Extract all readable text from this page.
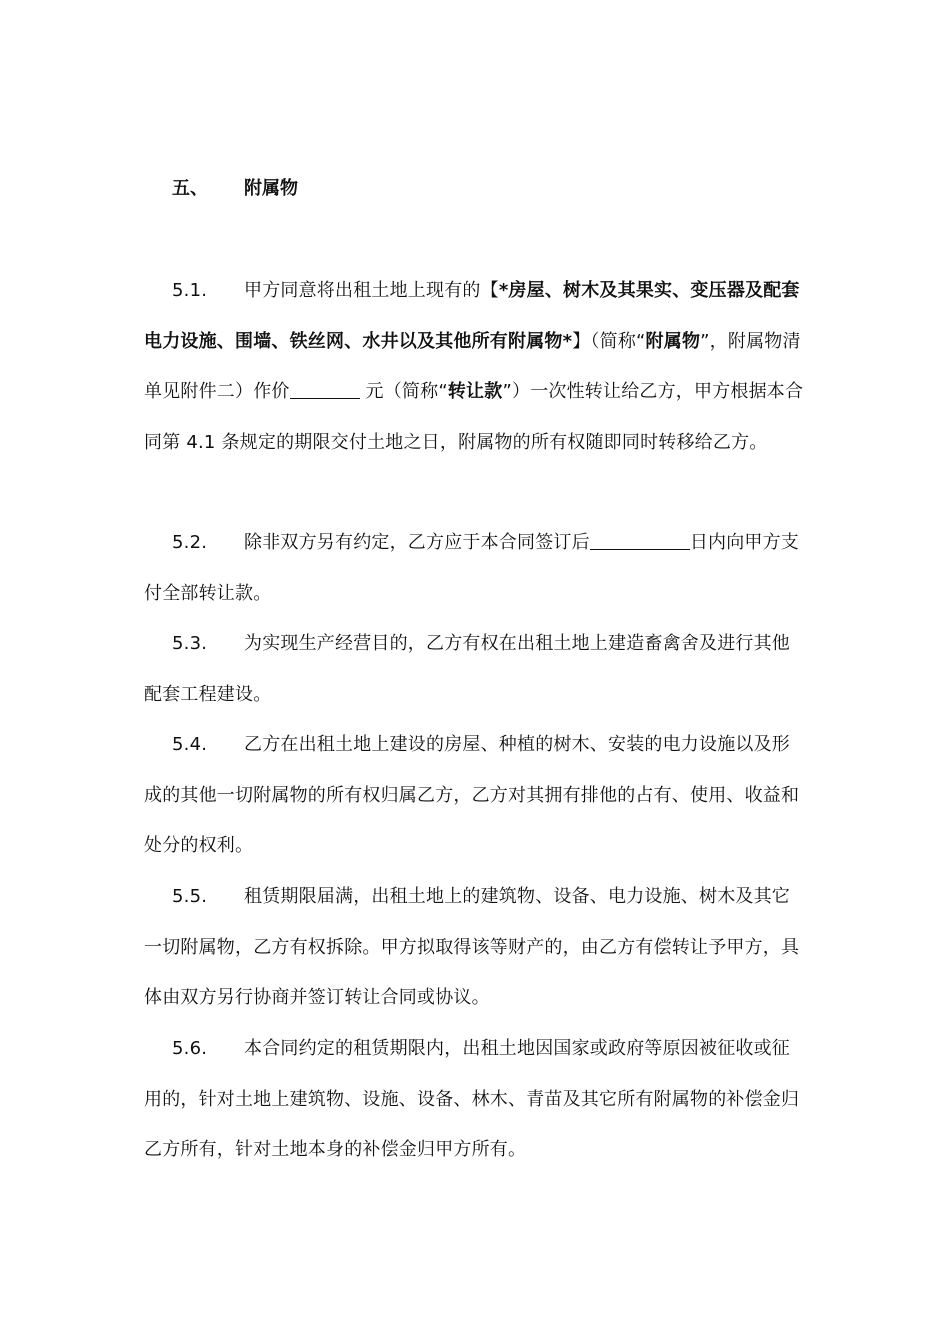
五、 附属物
5.1. 甲方同意将出租土地上现有的【*房屋、树木及其果实、变压器及配套电力设施、围墙、铁丝网、水井以及其他所有附属物*】（简称“附属物”，附属物清单见附件二）作价	元（简称“转让款”）一次性转让给乙方，甲方根据本合同第 4.1 条规定的期限交付土地之日，附属物的所有权随即同时转移给乙方。
5.2. 除非双方另有约定，乙方应于本合同签订后	日内向甲方支付全部转让款。
5.3. 为实现生产经营目的，乙方有权在出租土地上建造畜禽舍及进行其他配套工程建设。
5.4. 乙方在出租土地上建设的房屋、种植的树木、安装的电力设施以及形成的其他一切附属物的所有权归属乙方，乙方对其拥有排他的占有、使用、收益和处分的权利。
5.5. 租赁期限届满，出租土地上的建筑物、设备、电力设施、树木及其它一切附属物，乙方有权拆除。甲方拟取得该等财产的，由乙方有偿转让予甲方，具体由双方另行协商并签订转让合同或协议。
5.6. 本合同约定的租赁期限内，出租土地因国家或政府等原因被征收或征用的，针对土地上建筑物、设施、设备、林木、青苗及其它所有附属物的补偿金归乙方所有，针对土地本身的补偿金归甲方所有。
